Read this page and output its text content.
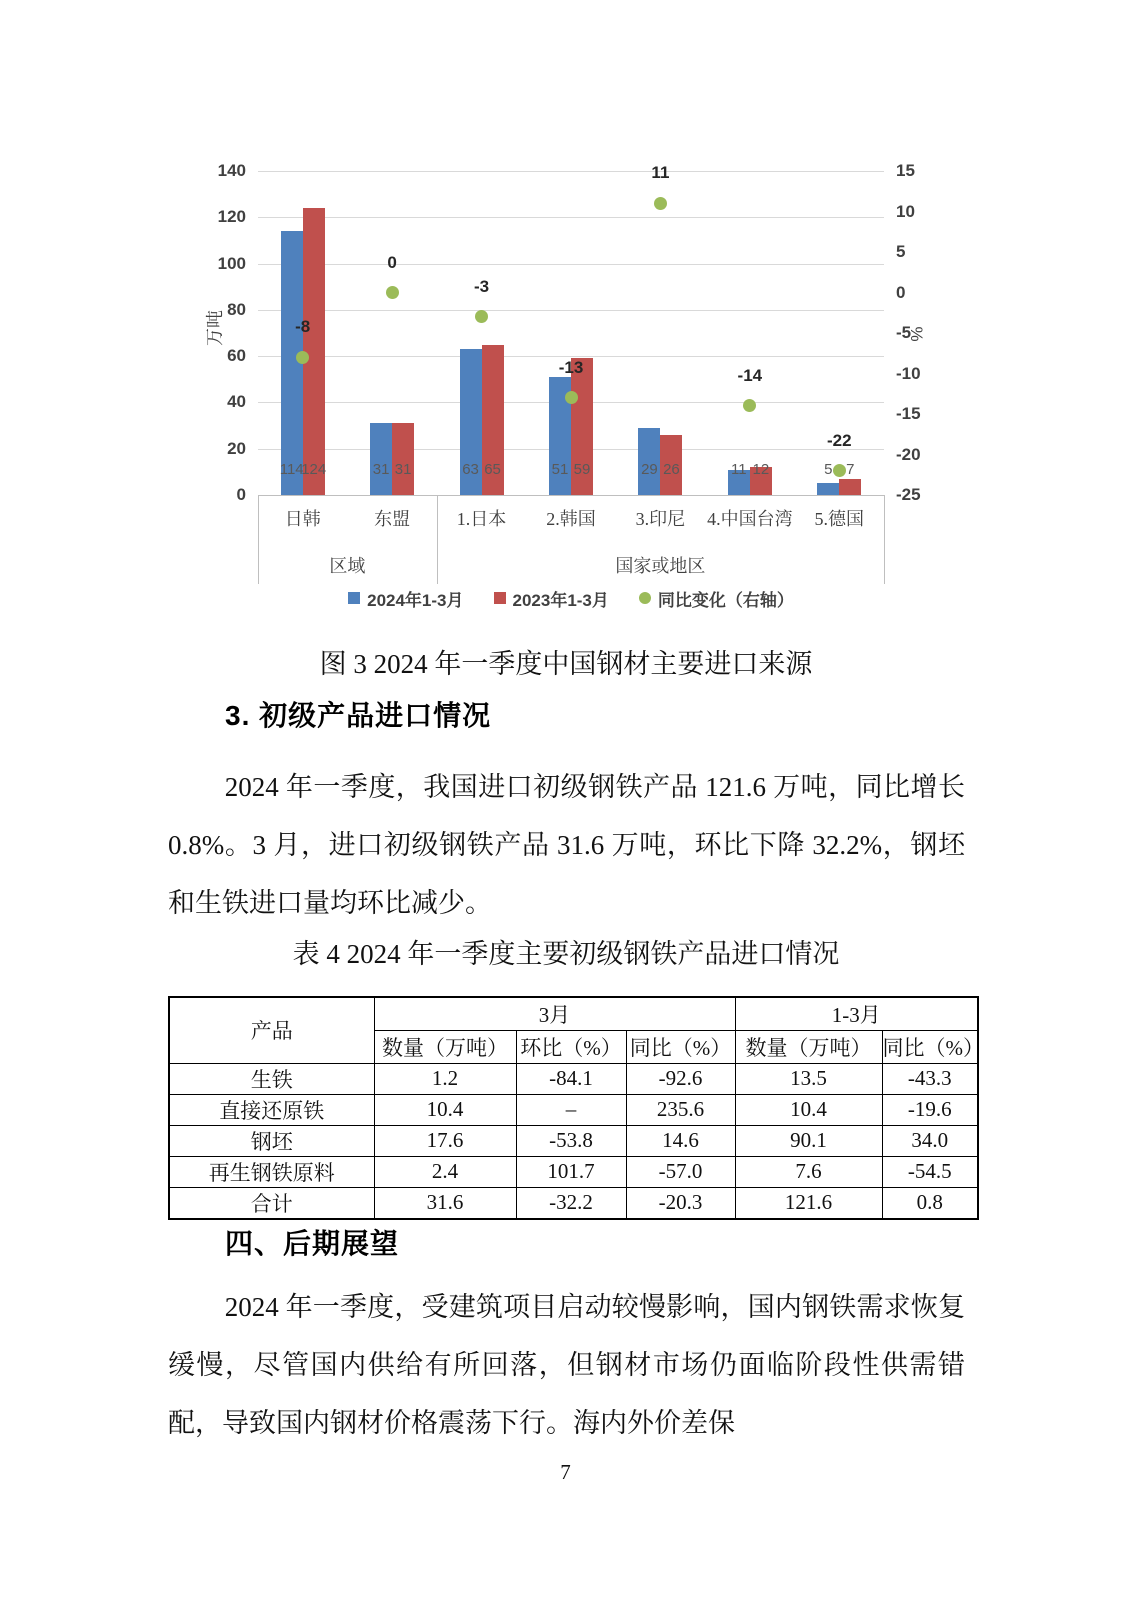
0
20
40
60
80
100
120
140
-25
-20
-15
-10
-5
0
5
10
15
114
124
-8
日韩
31 31
0
东盟
63 65
-3
1.日本
51 59
-13
2.韩国
29 26
11
3.印尼
11 12
-14
4.中国台湾
5 7
-22
5.德国
区域	国家或地区
万吨	%
2024年1-3月	2023年1-3月	同比变化（右轴）
图 3 2024 年一季度中国钢材主要进口来源
3. 初级产品进口情况

2024 年一季度，我国进口初级钢铁产品 121.6 万吨，同比增长 0.8%。3 月，进口初级钢铁产品 31.6 万吨，环比下降 32.2%，钢坯和生铁进口量均环比减少。

表 4 2024 年一季度主要初级钢铁产品进口情况
产品	3月			1-3月	
	数量（万吨）	环比（%）	同比（%）	数量（万吨）	同比（%）
生铁	1.2	-84.1	-92.6	13.5	-43.3
直接还原铁	10.4	–	235.6	10.4	-19.6
钢坯	17.6	-53.8	14.6	90.1	34.0
再生钢铁原料	2.4	101.7	-57.0	7.6	-54.5
合计	31.6	-32.2	-20.3	121.6	0.8
四、后期展望

2024 年一季度，受建筑项目启动较慢影响，国内钢铁需求恢复缓慢，尽管国内供给有所回落，但钢材市场仍面临阶段性供需错配，导致国内钢材价格震荡下行。海内外价差保

7
